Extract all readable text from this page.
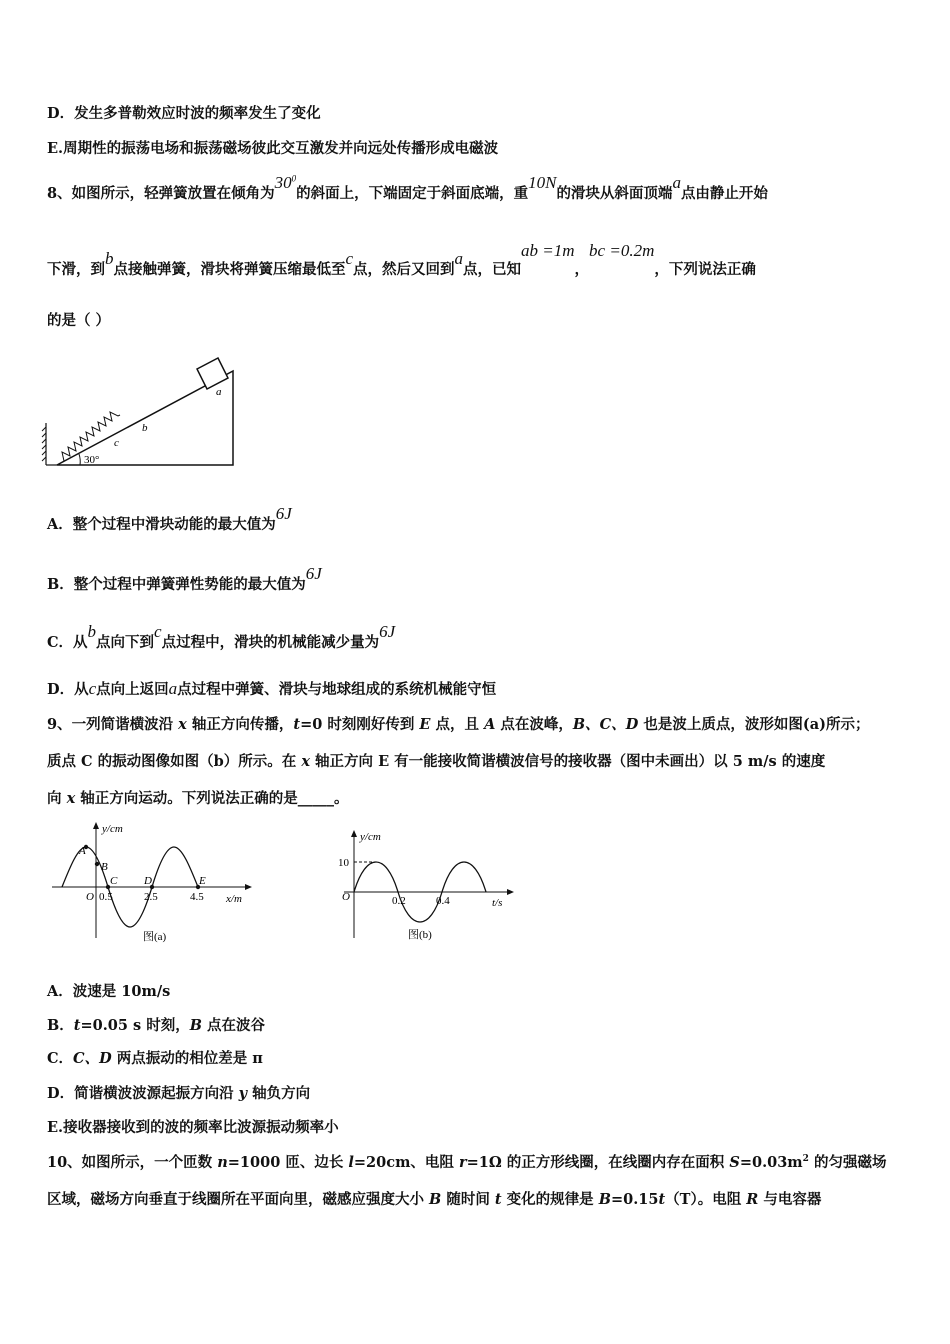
D．发生多普勒效应时波的频率发生了变化
E.周期性的振荡电场和振荡磁场彼此交互激发并向远处传播形成电磁波
8、如图所示，轻弹簧放置在倾角为$30^0$的斜面上，下端固定于斜面底端，重10N的滑块从斜面顶端a点由静止开始
下滑，到b点接触弹簧，滑块将弹簧压缩最低至c点，然后又回到a点，已知ab =1m，bc =0.2m，下列说法正确
的是（ ）
a
b
c
30°
A．整个过程中滑块动能的最大值为6J
B．整个过程中弹簧弹性势能的最大值为6J
C．从b点向下到c点过程中，滑块的机械能减少量为6J
D．从c点向上返回a点过程中弹簧、滑块与地球组成的系统机械能守恒
9、一列简谐横波沿 x 轴正方向传播，t=0 时刻刚好传到 E 点，且 A 点在波峰，B、C、D 也是波上质点，波形如图(a)所示；
质点 C 的振动图像如图（b）所示。在 x 轴正方向 E 有一能接收简谐横波信号的接收器（图中未画出）以 5 m/s 的速度
向 x 轴正方向运动。下列说法正确的是_____。
y/cm
x/m
O 0.5	2.5	4.5
A
B
C D	E
图(a)
y/cm
t/s
O
10
0.2	0.4
图(b)
A．波速是 10m/s
B．t=0.05 s 时刻，B 点在波谷
C．C、D 两点振动的相位差是 π
D．简谐横波波源起振方向沿 y 轴负方向
E.接收器接收到的波的频率比波源振动频率小
10、如图所示，一个匝数 n=1000 匝、边长 l=20cm、电阻 r=1Ω 的正方形线圈，在线圈内存在面积 $S=0.03m^2$ 的匀强磁场
区域，磁场方向垂直于线圈所在平面向里，磁感应强度大小 B 随时间 t 变化的规律是 B=0.15t（T）。电阻 R 与电容器
